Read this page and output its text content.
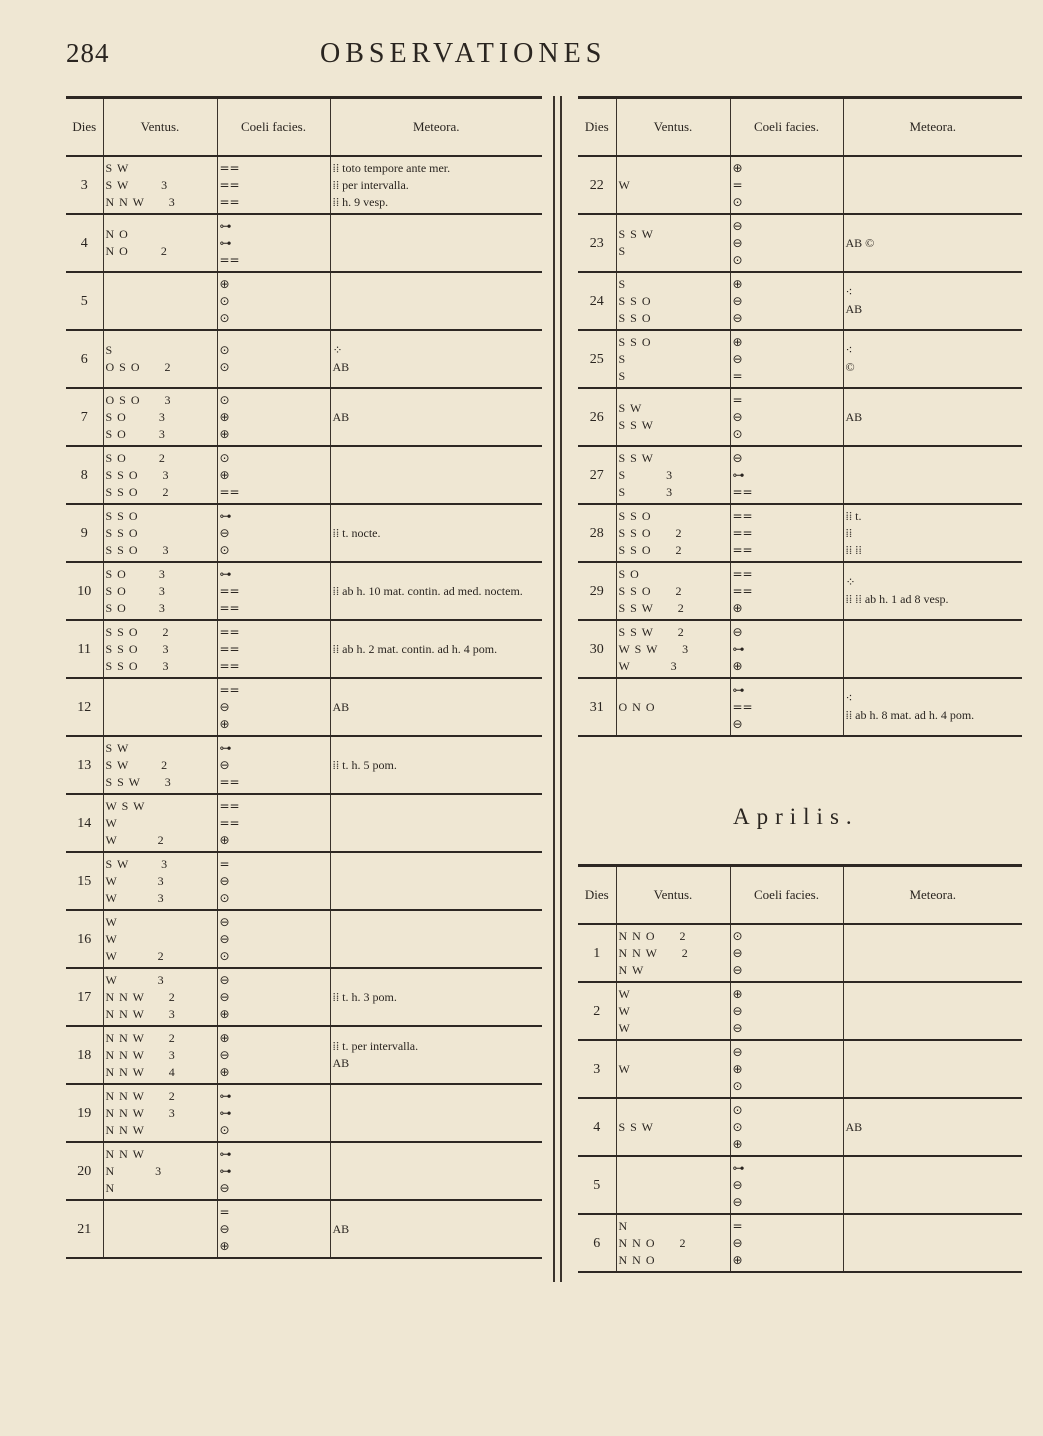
284	OBSERVATIONES
Dies	Ventus.	Coeli facies.	Meteora.
3	S W
S W        3
N N W      3	==
==
==	⁞⁞ toto tempore ante mer.
⁞⁞ per intervalla.
⁞⁞ h. 9 vesp.
4	N O
N O        2	⊶
⊶
==	
5		⊕
⊙
⊙	
6	S
O S O      2	⊙
⊙	⁘
AB
7	O S O      3
S O        3
S O        3	⊙
⊕
⊕	AB
8	S O        2
S S O      3
S S O      2	⊙
⊕
==	
9	S S O
S S O
S S O      3	⊶
⊖
⊙	⁞⁞ t. nocte.
10	S O        3
S O        3
S O        3	⊶
==
==	⁞⁞ ab h. 10 mat. contin. ad med. noctem.
11	S S O      2
S S O      3
S S O      3	==
==
==	⁞⁞ ab h. 2 mat. contin. ad h. 4 pom.
12		==
⊖
⊕	AB
13	S W
S W        2
S S W      3	⊶
⊖
==	⁞⁞ t. h. 5 pom.
14	W S W
W
W          2	==
==
⊕	
15	S W        3
W          3
W          3	=
⊖
⊙	
16	W
W
W          2	⊖
⊖
⊙	
17	W          3
N N W      2
N N W      3	⊖
⊖
⊕	⁞⁞ t. h. 3 pom.
18	N N W      2
N N W      3
N N W      4	⊕
⊖
⊕	⁞⁞ t. per intervalla.
AB
19	N N W      2
N N W      3
N N W	⊶
⊶
⊙	
20	N N W
N          3
N	⊶
⊶
⊖	
21		=
⊖
⊕	AB
Dies	Ventus.	Coeli facies.	Meteora.
22	W	⊕
=
⊙	
23	S S W
S	⊖
⊖
⊙	AB ©
24	S
S S O
S S O	⊕
⊖
⊖	⁖
AB
25	S S O
S
S	⊕
⊖
=	⁖
©
26	S W
S S W	=
⊖
⊙	AB
27	S S W
S          3
S          3	⊖
⊶
==	
28	S S O
S S O      2
S S O      2	==
==
==	⁞⁞ t.
⁞⁞
⁞⁞ ⁞⁞
29	S O
S S O      2
S S W      2	==
==
⊕	⁘
⁞⁞ ⁞⁞ ab h. 1 ad 8 vesp.
30	S S W      2
W S W      3
W          3	⊖
⊶
⊕	
31	O N O	⊶
==
⊖	⁖
⁞⁞ ab h. 8 mat. ad h. 4 pom.
Aprilis.
Dies	Ventus.	Coeli facies.	Meteora.
1	N N O      2
N N W      2
N W	⊙
⊖
⊖	
2	W
W
W	⊕
⊖
⊖	
3	W	⊖
⊕
⊙	
4	S S W	⊙
⊙
⊕	AB
5		⊶
⊖
⊖	
6	N
N N O      2
N N O	=
⊖
⊕	
